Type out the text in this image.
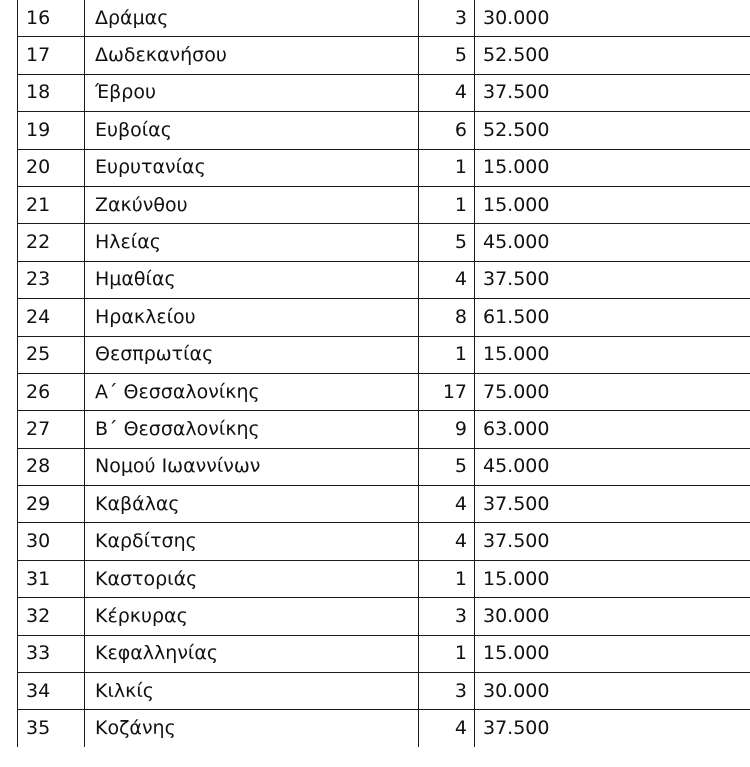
16	Δράμας	3	30.000
17	Δωδεκανήσου	5	52.500
18	Έβρου	4	37.500
19	Ευβοίας	6	52.500
20	Ευρυτανίας	1	15.000
21	Ζακύνθου	1	15.000
22	Ηλείας	5	45.000
23	Ημαθίας	4	37.500
24	Ηρακλείου	8	61.500
25	Θεσπρωτίας	1	15.000
26	Α΄ Θεσσαλονίκης	17	75.000
27	Β΄ Θεσσαλονίκης	9	63.000
28	Νομού Ιωαννίνων	5	45.000
29	Καβάλας	4	37.500
30	Καρδίτσης	4	37.500
31	Καστοριάς	1	15.000
32	Κέρκυρας	3	30.000
33	Κεφαλληνίας	1	15.000
34	Κιλκίς	3	30.000
35	Κοζάνης	4	37.500
